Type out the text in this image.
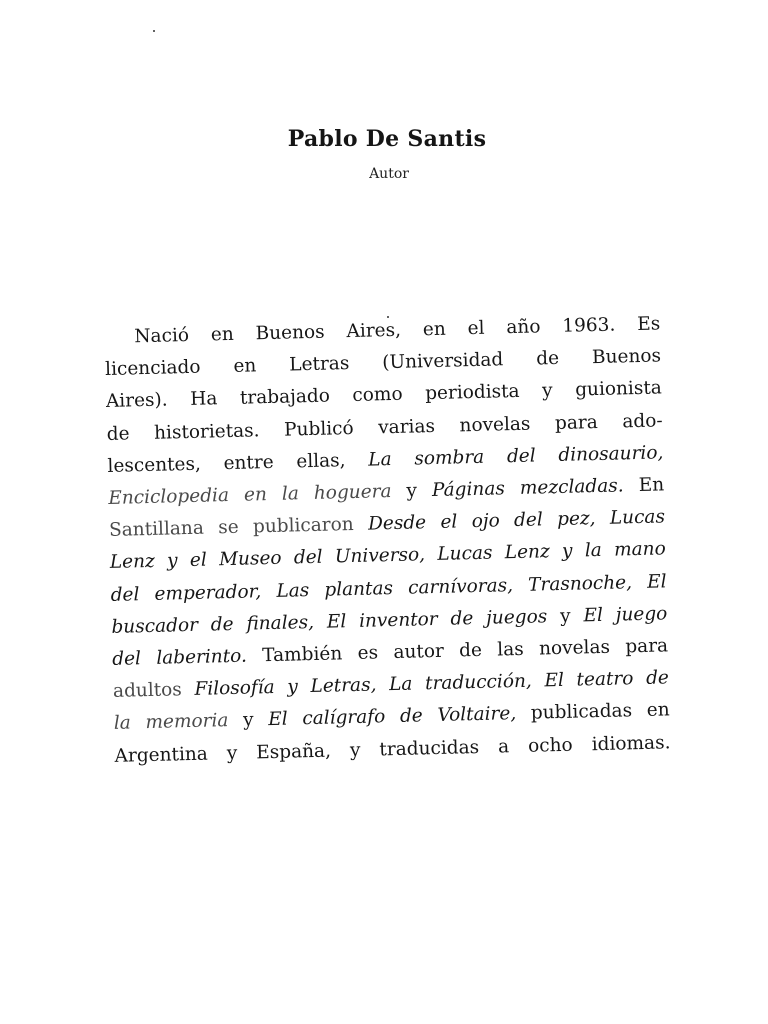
Pablo De Santis
Autor
Nació en Buenos Aires, en el año 1963. Es
licenciado en Letras (Universidad de Buenos
Aires). Ha trabajado como periodista y guionista
de historietas. Publicó varias novelas para ado-
lescentes, entre ellas, La sombra del dinosaurio,
Enciclopedia en la hoguera y Páginas mezcladas. En
Santillana se publicaron Desde el ojo del pez, Lucas
Lenz y el Museo del Universo, Lucas Lenz y la mano
del emperador, Las plantas carnívoras, Trasnoche, El
buscador de finales, El inventor de juegos y El juego
del laberinto. También es autor de las novelas para
adultos Filosofía y Letras, La traducción, El teatro de
la memoria y El calígrafo de Voltaire, publicadas en
Argentina y España, y traducidas a ocho idiomas.
